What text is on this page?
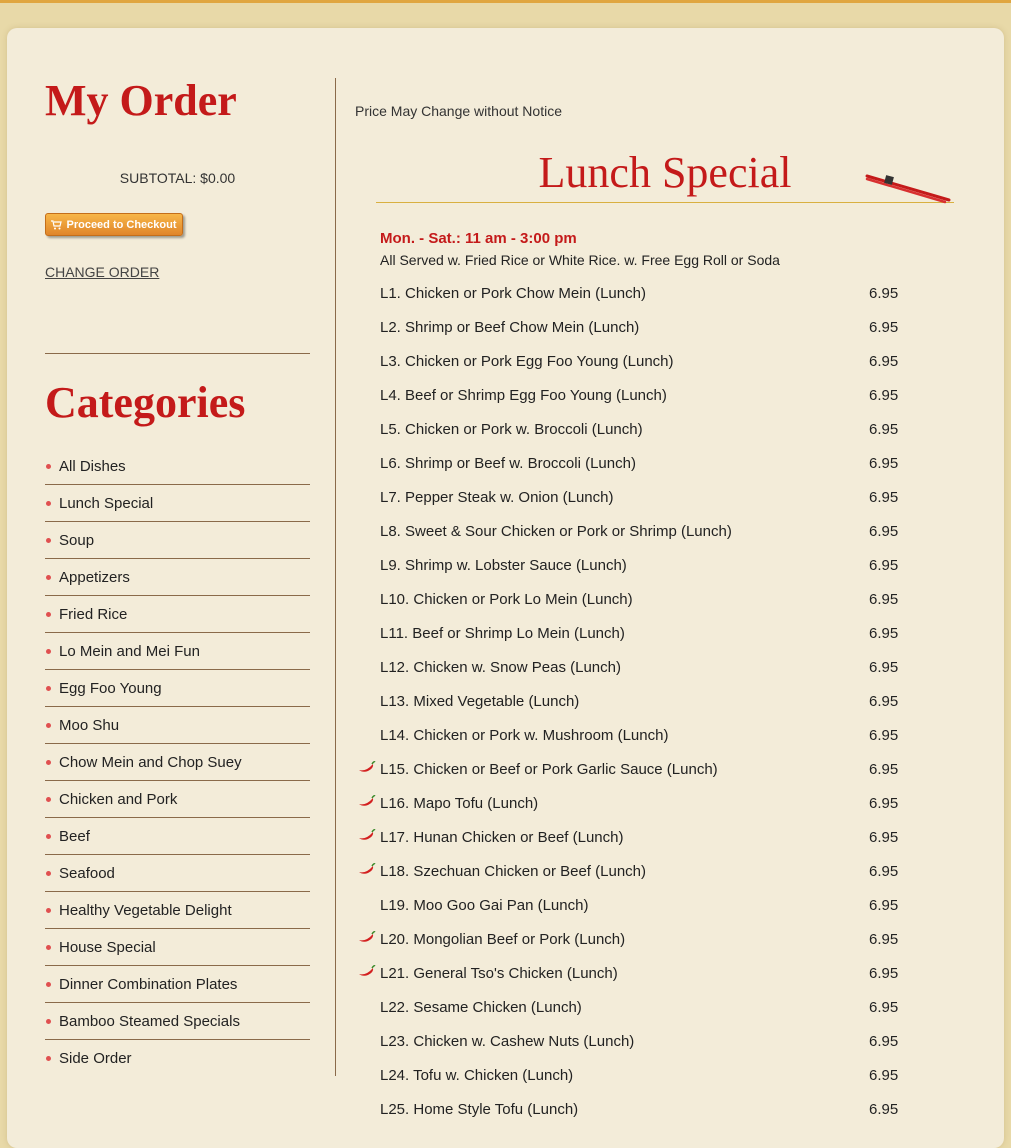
My Order
SUBTOTAL: $0.00
Proceed to Checkout
CHANGE ORDER
Categories
All Dishes
Lunch Special
Soup
Appetizers
Fried Rice
Lo Mein and Mei Fun
Egg Foo Young
Moo Shu
Chow Mein and Chop Suey
Chicken and Pork
Beef
Seafood
Healthy Vegetable Delight
House Special
Dinner Combination Plates
Bamboo Steamed Specials
Side Order
Price May Change without Notice
Lunch Special
Mon. - Sat.: 11 am - 3:00 pm
All Served w. Fried Rice or White Rice. w. Free Egg Roll or Soda
L1. Chicken or Pork Chow Mein (Lunch)	6.95
L2. Shrimp or Beef Chow Mein (Lunch)	6.95
L3. Chicken or Pork Egg Foo Young (Lunch)	6.95
L4. Beef or Shrimp Egg Foo Young (Lunch)	6.95
L5. Chicken or Pork w. Broccoli (Lunch)	6.95
L6. Shrimp or Beef w. Broccoli (Lunch)	6.95
L7. Pepper Steak w. Onion (Lunch)	6.95
L8. Sweet & Sour Chicken or Pork or Shrimp (Lunch)	6.95
L9. Shrimp w. Lobster Sauce (Lunch)	6.95
L10. Chicken or Pork Lo Mein (Lunch)	6.95
L11. Beef or Shrimp Lo Mein (Lunch)	6.95
L12. Chicken w. Snow Peas (Lunch)	6.95
L13. Mixed Vegetable (Lunch)	6.95
L14. Chicken or Pork w. Mushroom (Lunch)	6.95
L15. Chicken or Beef or Pork Garlic Sauce (Lunch)	6.95
L16. Mapo Tofu (Lunch)	6.95
L17. Hunan Chicken or Beef (Lunch)	6.95
L18. Szechuan Chicken or Beef (Lunch)	6.95
L19. Moo Goo Gai Pan (Lunch)	6.95
L20. Mongolian Beef or Pork (Lunch)	6.95
L21. General Tso's Chicken (Lunch)	6.95
L22. Sesame Chicken (Lunch)	6.95
L23. Chicken w. Cashew Nuts (Lunch)	6.95
L24. Tofu w. Chicken (Lunch)	6.95
L25. Home Style Tofu (Lunch)	6.95
